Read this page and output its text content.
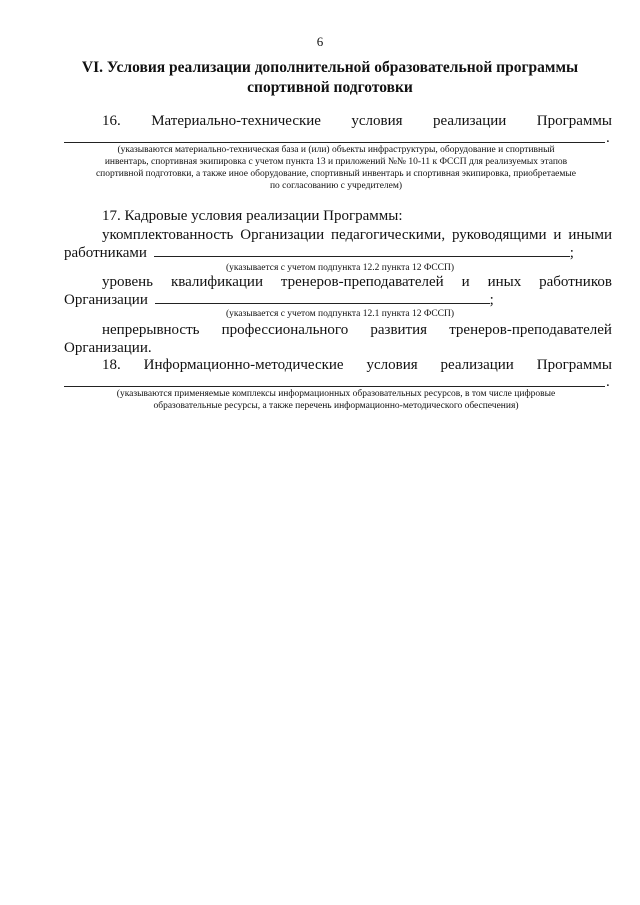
6
VI. Условия реализации дополнительной образовательной программы
спортивной подготовки
16. Материально-технические условия реализации Программы
.
(указываются материально-техническая база и (или) объекты инфраструктуры, оборудование и спортивный
инвентарь, спортивная экипировка с учетом пункта 13 и приложений №№ 10-11 к ФССП для реализуемых этапов
спортивной подготовки, а также иное оборудование, спортивный инвентарь и спортивная экипировка, приобретаемые
по согласованию с учредителем)
17. Кадровые условия реализации Программы:
укомплектованность Организации педагогическими, руководящими и иными
работниками	;
(указывается с учетом подпункта 12.2 пункта 12 ФССП)
уровень квалификации тренеров-преподавателей и иных работников
Организации	;
(указывается с учетом подпункта 12.1 пункта 12 ФССП)
непрерывность профессионального развития тренеров-преподавателей
Организации.
18. Информационно-методические условия реализации Программы
.
(указываются применяемые комплексы информационных образовательных ресурсов, в том числе цифровые
образовательные ресурсы, а также перечень информационно-методического обеспечения)
